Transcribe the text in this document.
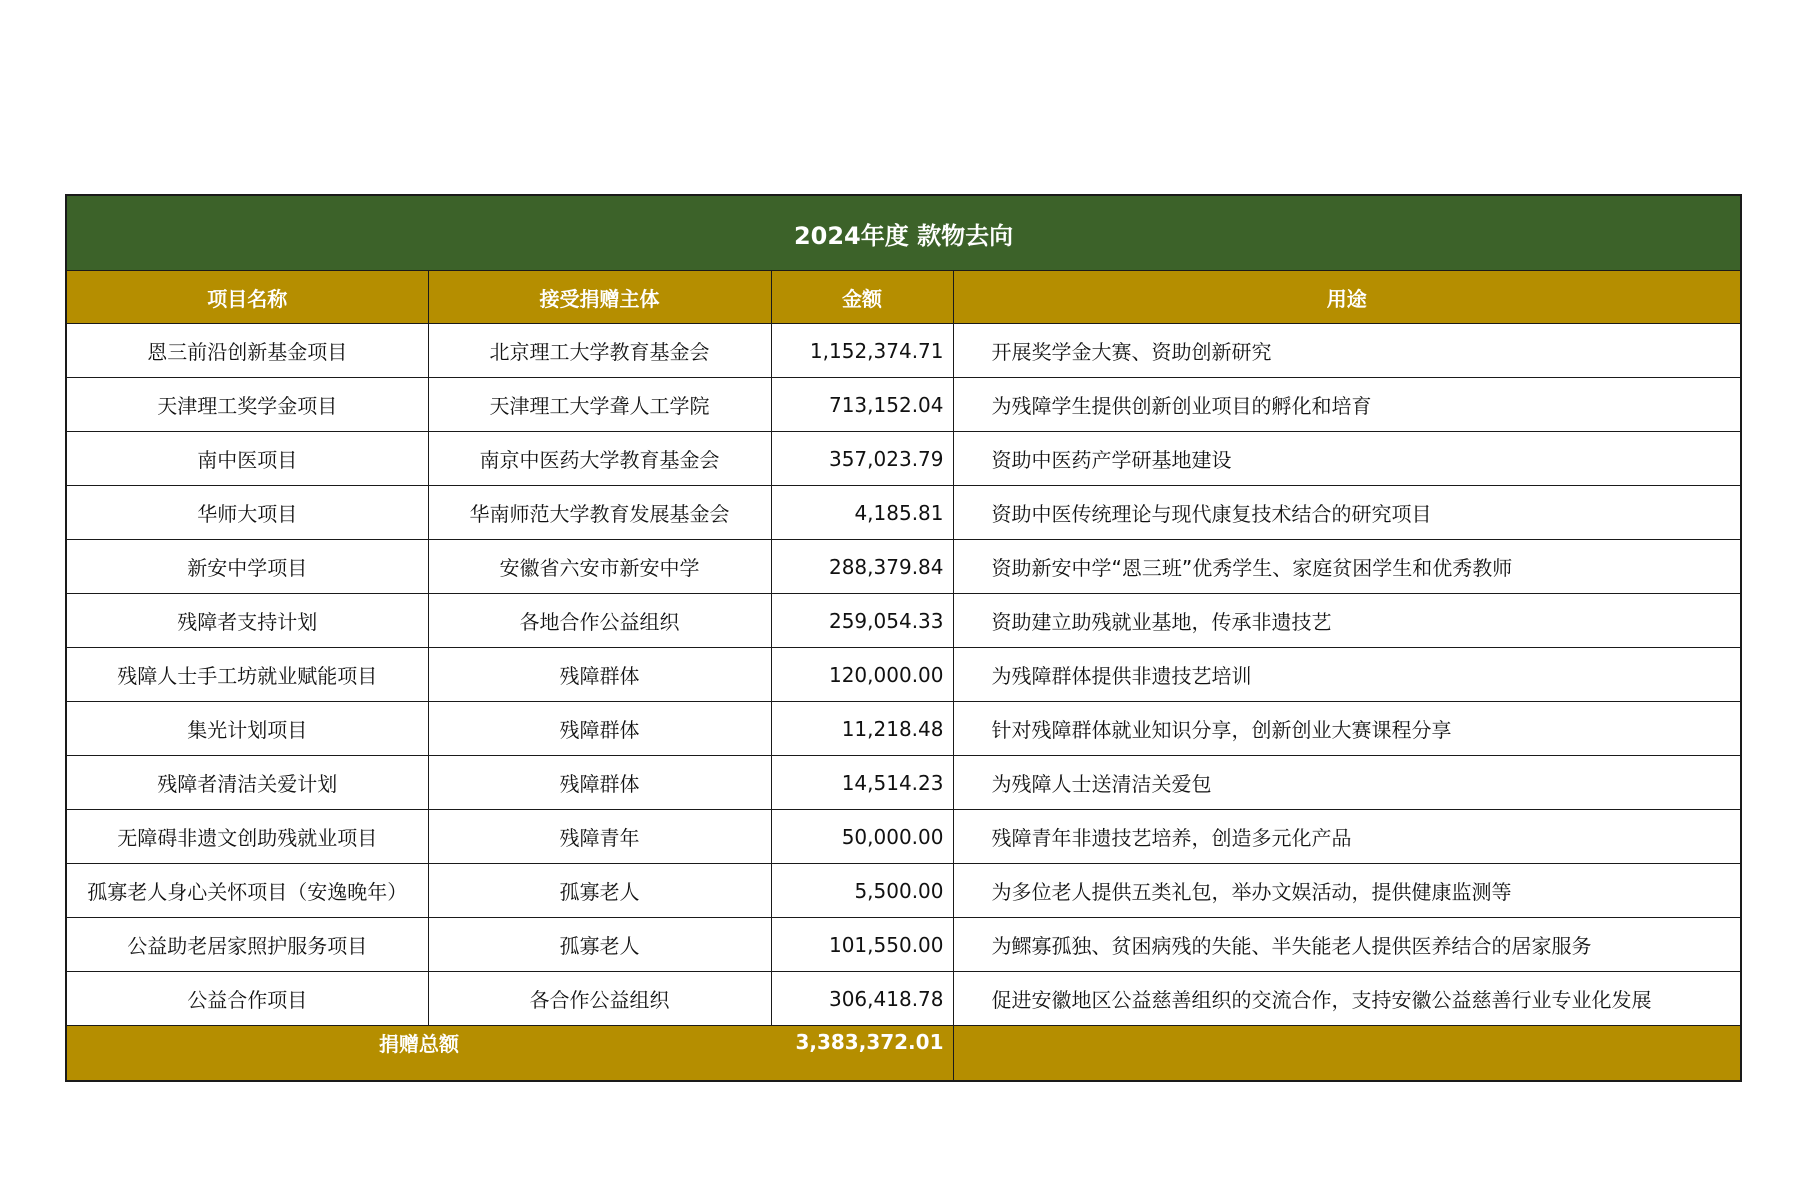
2024年度 款物去向			
项目名称	接受捐赠主体	金额	用途
恩三前沿创新基金项目	北京理工大学教育基金会	1,152,374.71	开展奖学金大赛、资助创新研究
天津理工奖学金项目	天津理工大学聋人工学院	713,152.04	为残障学生提供创新创业项目的孵化和培育
南中医项目	南京中医药大学教育基金会	357,023.79	资助中医药产学研基地建设
华师大项目	华南师范大学教育发展基金会	4,185.81	资助中医传统理论与现代康复技术结合的研究项目
新安中学项目	安徽省六安市新安中学	288,379.84	资助新安中学“恩三班”优秀学生、家庭贫困学生和优秀教师
残障者支持计划	各地合作公益组织	259,054.33	资助建立助残就业基地，传承非遗技艺
残障人士手工坊就业赋能项目	残障群体	120,000.00	为残障群体提供非遗技艺培训
集光计划项目	残障群体	11,218.48	针对残障群体就业知识分享，创新创业大赛课程分享
残障者清洁关爱计划	残障群体	14,514.23	为残障人士送清洁关爱包
无障碍非遗文创助残就业项目	残障青年	50,000.00	残障青年非遗技艺培养，创造多元化产品
孤寡老人身心关怀项目（安逸晚年）	孤寡老人	5,500.00	为多位老人提供五类礼包，举办文娱活动，提供健康监测等
公益助老居家照护服务项目	孤寡老人	101,550.00	为鳏寡孤独、贫困病残的失能、半失能老人提供医养结合的居家服务
公益合作项目	各合作公益组织	306,418.78	促进安徽地区公益慈善组织的交流合作，支持安徽公益慈善行业专业化发展

捐赠总额		3,383,372.01	
